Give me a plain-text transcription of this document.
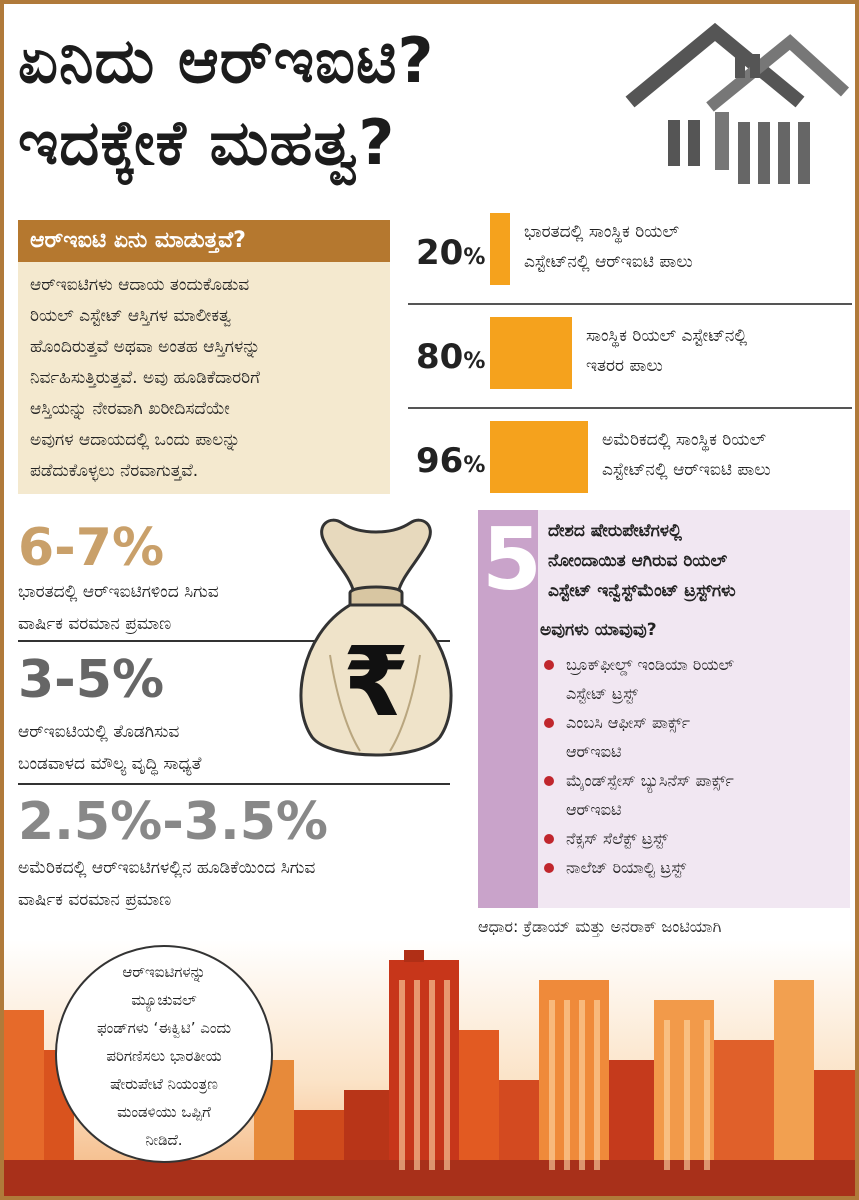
ಏನಿದು ಆರ್‌ಇಐಟಿ?
ಇದಕ್ಕೇಕೆ ಮಹತ್ವ?
ಆರ್‌ಇಐಟಿ ಏನು ಮಾಡುತ್ತವೆ?
ಆರ್‌ಇಐಟಿಗಳು ಆದಾಯ ತಂದುಕೊಡುವ
ರಿಯಲ್ ಎಸ್ಟೇಟ್ ಆಸ್ತಿಗಳ ಮಾಲೀಕತ್ವ
ಹೊಂದಿರುತ್ತವೆ ಅಥವಾ ಅಂತಹ ಆಸ್ತಿಗಳನ್ನು
ನಿರ್ವಹಿಸುತ್ತಿರುತ್ತವೆ. ಅವು ಹೂಡಿಕೆದಾರರಿಗೆ
ಆಸ್ತಿಯನ್ನು ನೇರವಾಗಿ ಖರೀದಿಸದೆಯೇ
ಅವುಗಳ ಆದಾಯದಲ್ಲಿ ಒಂದು ಪಾಲನ್ನು
ಪಡೆದುಕೊಳ್ಳಲು ನೆರವಾಗುತ್ತವೆ.
20%
ಭಾರತದಲ್ಲಿ ಸಾಂಸ್ಥಿಕ ರಿಯಲ್
ಎಸ್ಟೇಟ್‌ನಲ್ಲಿ ಆರ್‌ಇಐಟಿ ಪಾಲು
80%
ಸಾಂಸ್ಥಿಕ ರಿಯಲ್ ಎಸ್ಟೇಟ್‌ನಲ್ಲಿ
ಇತರರ ಪಾಲು
96%
ಅಮೆರಿಕದಲ್ಲಿ ಸಾಂಸ್ಥಿಕ ರಿಯಲ್
ಎಸ್ಟೇಟ್‌ನಲ್ಲಿ ಆರ್‌ಇಐಟಿ ಪಾಲು
6-7%
ಭಾರತದಲ್ಲಿ ಆರ್‌ಇಐಟಿಗಳಿಂದ ಸಿಗುವ
ವಾರ್ಷಿಕ ವರಮಾನ ಪ್ರಮಾಣ
3-5%
ಆರ್‌ಇಐಟಿಯಲ್ಲಿ ತೊಡಗಿಸುವ
ಬಂಡವಾಳದ ಮೌಲ್ಯ ವೃದ್ಧಿ ಸಾಧ್ಯತೆ
2.5%-3.5%
ಅಮೆರಿಕದಲ್ಲಿ ಆರ್‌ಇಐಟಿಗಳಲ್ಲಿನ ಹೂಡಿಕೆಯಿಂದ ಸಿಗುವ
ವಾರ್ಷಿಕ ವರಮಾನ ಪ್ರಮಾಣ
₹
5 ದೇಶದ ಷೇರುಪೇಟೆಗಳಲ್ಲಿ
ನೋಂದಾಯಿತ ಆಗಿರುವ ರಿಯಲ್
ಎಸ್ಟೇಟ್ ಇನ್ವೆಸ್ಟ್‌ಮೆಂಟ್ ಟ್ರಸ್ಟ್‌ಗಳು
ಅವುಗಳು ಯಾವುವು?
ಬ್ರೂಕ್‌ಫೀಲ್ಡ್ ಇಂಡಿಯಾ ರಿಯಲ್
ಎಸ್ಟೇಟ್ ಟ್ರಸ್ಟ್
ಎಂಬಸಿ ಆಫೀಸ್ ಪಾರ್ಕ್ಸ್
ಆರ್‌ಇಐಟಿ
ಮೈಂಡ್‌ಸ್ಪೇಸ್ ಬ್ಯುಸಿನೆಸ್ ಪಾರ್ಕ್ಸ್
ಆರ್‌ಇಐಟಿ
ನೆಕ್ಸಸ್ ಸೆಲೆಕ್ಟ್ ಟ್ರಸ್ಟ್
ನಾಲೆಜ್ ರಿಯಾಲ್ಟಿ ಟ್ರಸ್ಟ್
ಆಧಾರ: ಕ್ರೆಡಾಯ್ ಮತ್ತು ಅನರಾಕ್ ಜಂಟಿಯಾಗಿ
ಆರ್‌ಇಐಟಿಗಳನ್ನು
ಮ್ಯೂಚುವಲ್
ಫಂಡ್‌ಗಳು ‘ಈಕ್ವಿಟಿ’ ಎಂದು
ಪರಿಗಣಿಸಲು ಭಾರತೀಯ
ಷೇರುಪೇಟೆ ನಿಯಂತ್ರಣ
ಮಂಡಳಿಯು ಒಪ್ಪಿಗೆ
ನೀಡಿದೆ.
